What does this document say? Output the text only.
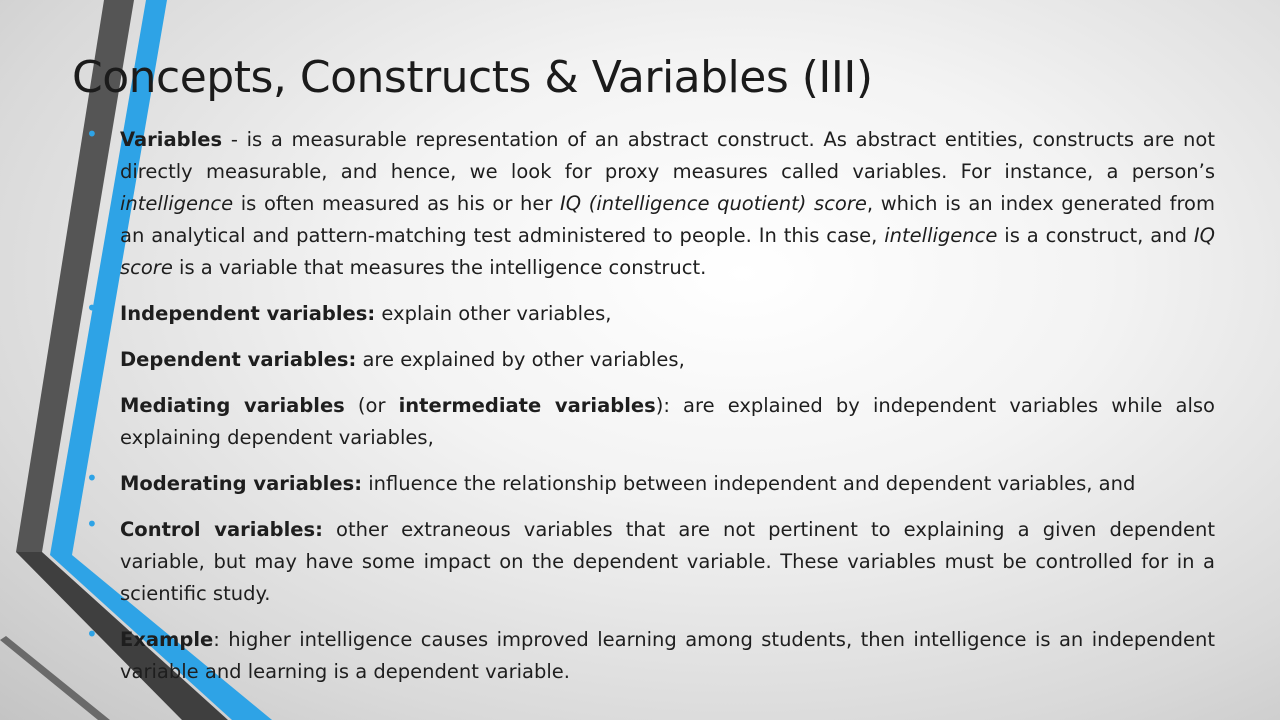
Concepts, Constructs & Variables (III)

• Variables - is a measurable representation of an abstract construct. As abstract entities, constructs are not directly measurable, and hence, we look for proxy measures called variables. For instance, a person’s intelligence is often measured as his or her IQ (intelligence quotient) score, which is an index generated from an analytical and pattern-matching test administered to people. In this case, intelligence is a construct, and IQ score is a variable that measures the intelligence construct.

• Independent variables: explain other variables,

• Dependent variables: are explained by other variables,

• Mediating variables (or intermediate variables): are explained by independent variables while also explaining dependent variables,

• Moderating variables: influence the relationship between independent and dependent variables, and

• Control variables: other extraneous variables that are not pertinent to explaining a given dependent variable, but may have some impact on the dependent variable. These variables must be controlled for in a scientific study.

• Example: higher intelligence causes improved learning among students, then intelligence is an independent variable and learning is a dependent variable.
